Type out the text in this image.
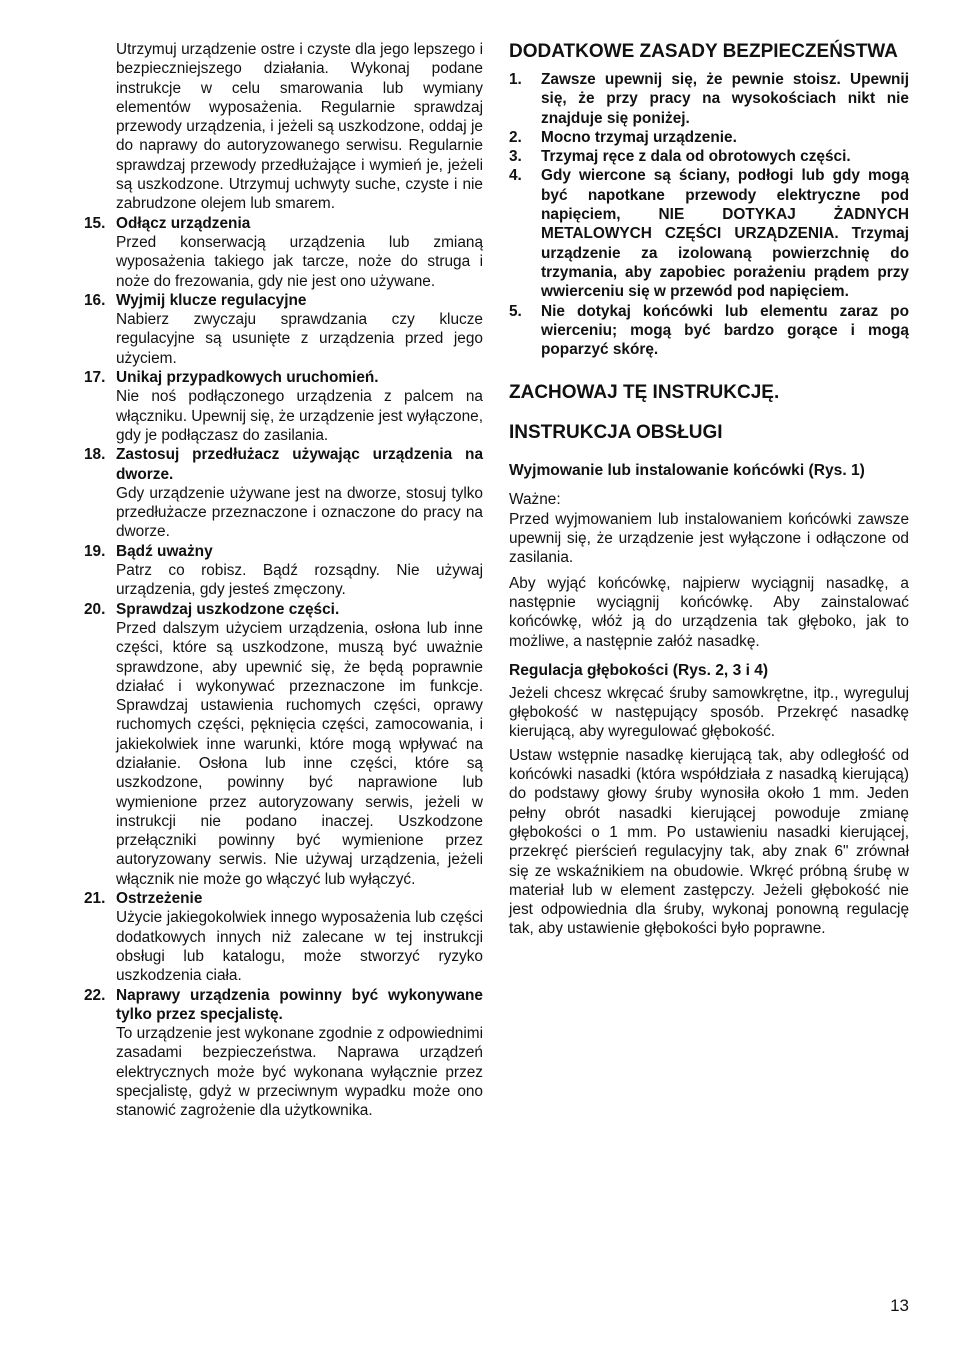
Utrzymuj urządzenie ostre i czyste dla jego lepszego i bezpieczniejszego działania. Wykonaj podane instrukcje w celu smarowania lub wymiany elementów wyposażenia. Regularnie sprawdzaj przewody urządzenia, i jeżeli są uszkodzone, oddaj je do naprawy do autoryzowanego serwisu. Regularnie sprawdzaj przewody przedłużające i wymień je, jeżeli są uszkodzone. Utrzymuj uchwyty suche, czyste i nie zabrudzone olejem lub smarem.

15. Odłącz urządzenia

Przed konserwacją urządzenia lub zmianą wyposażenia takiego jak tarcze, noże do struga i noże do frezowania, gdy nie jest ono używane.

16. Wyjmij klucze regulacyjne

Nabierz zwyczaju sprawdzania czy klucze regulacyjne są usunięte z urządzenia przed jego użyciem.

17. Unikaj przypadkowych uruchomień.

Nie noś podłączonego urządzenia z palcem na włączniku. Upewnij się, że urządzenie jest wyłączone, gdy je podłączasz do zasilania.

18. Zastosuj przedłużacz używając urządzenia na dworze.

Gdy urządzenie używane jest na dworze, stosuj tylko przedłużacze przeznaczone i oznaczone do pracy na dworze.

19. Bądź uważny

Patrz co robisz. Bądź rozsądny. Nie używaj urządzenia, gdy jesteś zmęczony.

20. Sprawdzaj uszkodzone części.

Przed dalszym użyciem urządzenia, osłona lub inne części, które są uszkodzone, muszą być uważnie sprawdzone, aby upewnić się, że będą poprawnie działać i wykonywać przeznaczone im funkcje. Sprawdzaj ustawienia ruchomych części, oprawy ruchomych części, pęknięcia części, zamocowania, i jakiekolwiek inne warunki, które mogą wpływać na działanie. Osłona lub inne części, które są uszkodzone, powinny być naprawione lub wymienione przez autoryzowany serwis, jeżeli w instrukcji nie podano inaczej. Uszkodzone przełączniki powinny być wymienione przez autoryzowany serwis. Nie używaj urządzenia, jeżeli włącznik nie może go włączyć lub wyłączyć.

21. Ostrzeżenie

Użycie jakiegokolwiek innego wyposażenia lub części dodatkowych innych niż zalecane w tej instrukcji obsługi lub katalogu, może stworzyć ryzyko uszkodzenia ciała.

22. Naprawy urządzenia powinny być wykonywane tylko przez specjalistę.

To urządzenie jest wykonane zgodnie z odpowiednimi zasadami bezpieczeństwa. Naprawa urządzeń elektrycznych może być wykonana wyłącznie przez specjalistę, gdyż w przeciwnym wypadku może ono stanowić zagrożenie dla użytkownika.

DODATKOWE ZASADY BEZPIECZEŃSTWA
1. Zawsze upewnij się, że pewnie stoisz. Upewnij się, że przy pracy na wysokościach nikt nie znajduje się poniżej.

2. Mocno trzymaj urządzenie.

3. Trzymaj ręce z dala od obrotowych części.

4. Gdy wiercone są ściany, podłogi lub gdy mogą być napotkane przewody elektryczne pod napięciem, NIE DOTYKAJ ŻADNYCH METALOWYCH CZĘŚCI URZĄDZENIA. Trzymaj urządzenie za izolowaną powierzchnię do trzymania, aby zapobiec porażeniu prądem przy wwierceniu się w przewód pod napięciem.

5. Nie dotykaj końcówki lub elementu zaraz po wierceniu; mogą być bardzo gorące i mogą poparzyć skórę.

ZACHOWAJ TĘ INSTRUKCJĘ.
INSTRUKCJA OBSŁUGI
Wyjmowanie lub instalowanie końcówki (Rys. 1)

Ważne:

Przed wyjmowaniem lub instalowaniem końcówki zawsze upewnij się, że urządzenie jest wyłączone i odłączone od zasilania.

Aby wyjąć końcówkę, najpierw wyciągnij nasadkę, a następnie wyciągnij końcówkę. Aby zainstalować końcówkę, włóż ją do urządzenia tak głęboko, jak to możliwe, a następnie załóż nasadkę.

Regulacja głębokości (Rys. 2, 3 i 4)

Jeżeli chcesz wkręcać śruby samowkrętne, itp., wyreguluj głębokość w następujący sposób. Przekręć nasadkę kierującą, aby wyregulować głębokość.

Ustaw wstępnie nasadkę kierującą tak, aby odległość od końcówki nasadki (która współdziała z nasadką kierującą) do podstawy głowy śruby wynosiła około 1 mm. Jeden pełny obrót nasadki kierującej powoduje zmianę głębokości o 1 mm. Po ustawieniu nasadki kierującej, przekręć pierścień regulacyjny tak, aby znak 6" zrównał się ze wskaźnikiem na obudowie. Wkręć próbną śrubę w materiał lub w element zastępczy. Jeżeli głębokość nie jest odpowiednia dla śruby, wykonaj ponowną regulację tak, aby ustawienie głębokości było poprawne.

13
